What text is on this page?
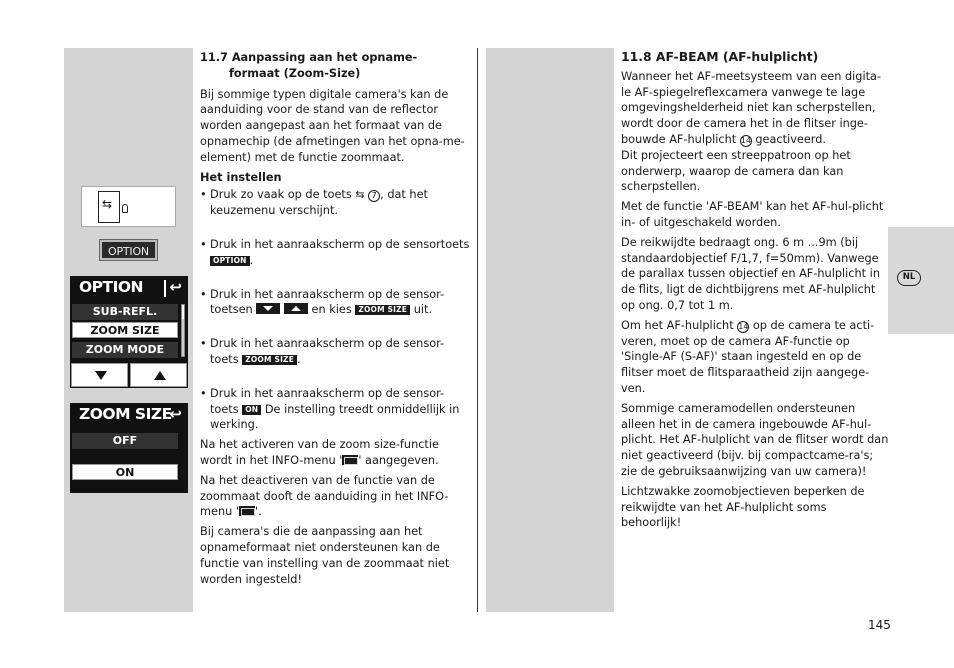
⇆
OPTION
OPTION ↩
SUB-REFL.
ZOOM SIZE
ZOOM MODE
ZOOM SIZE
↩
OFF
ON
11.7 Aanpassing aan het opname-
formaat (Zoom-Size)

Bij sommige typen digitale camera's kan de aanduiding voor de stand van de reflector worden aangepast aan het formaat van de opnamechip (de afmetingen van het opna-me-element) met de functie zoommaat.

Het instellen

• Druk zo vaak op de toets ⇆ 7 , dat het keuzemenu verschijnt.

• Druk in het aanraakscherm op de sensortoets OPTION .

• Druk in het aanraakscherm op de sensor-toetsen
	en kies ZOOM SIZE uit.

• Druk in het aanraakscherm op de sensor-toets ZOOM SIZE .

• Druk in het aanraakscherm op de sensor-toets ON De instelling treedt onmiddellijk in werking.

Na het activeren van de zoom size-functie wordt in het INFO-menu ' ' aangegeven.

Na het deactiveren van de functie van de zoommaat dooft de aanduiding in het INFO-menu ' '.

Bij camera's die de aanpassing aan het opnameformaat niet ondersteunen kan de functie van instelling van de zoommaat niet worden ingesteld!

11.8 AF-BEAM (AF-hulplicht)

Wanneer het AF-meetsysteem van een digita-le AF-spiegelreflexcamera vanwege te lage omgevingshelderheid niet kan scherpstellen, wordt door de camera het in de flitser inge-bouwde AF-hulplicht 14 geactiveerd.

Dit projecteert een streeppatroon op het onderwerp, waarop de camera dan kan scherpstellen.

Met de functie 'AF-BEAM' kan het AF-hul-plicht in- of uitgeschakeld worden.

De reikwijdte bedraagt ong. 6 m ...9m (bij standaardobjectief F/1,7, f=50mm). Vanwege de parallax tussen objectief en AF-hulplicht in de flits, ligt de dichtbijgrens met AF-hulplicht op ong. 0,7 tot 1 m.

Om het AF-hulplicht 14 op de camera te acti-veren, moet op de camera AF-functie op 'Single-AF (S-AF)' staan ingesteld en op de flitser moet de flitsparaatheid zijn aangege-ven.

Sommige cameramodellen ondersteunen alleen het in de camera ingebouwde AF-hul-plicht. Het AF-hulplicht van de flitser wordt dan niet geactiveerd (bijv. bij compactcame-ra's; zie de gebruiksaanwijzing van uw camera)!

Lichtzwakke zoomobjectieven beperken de reikwijdte van het AF-hulplicht soms behoorlijk!

NL
145
